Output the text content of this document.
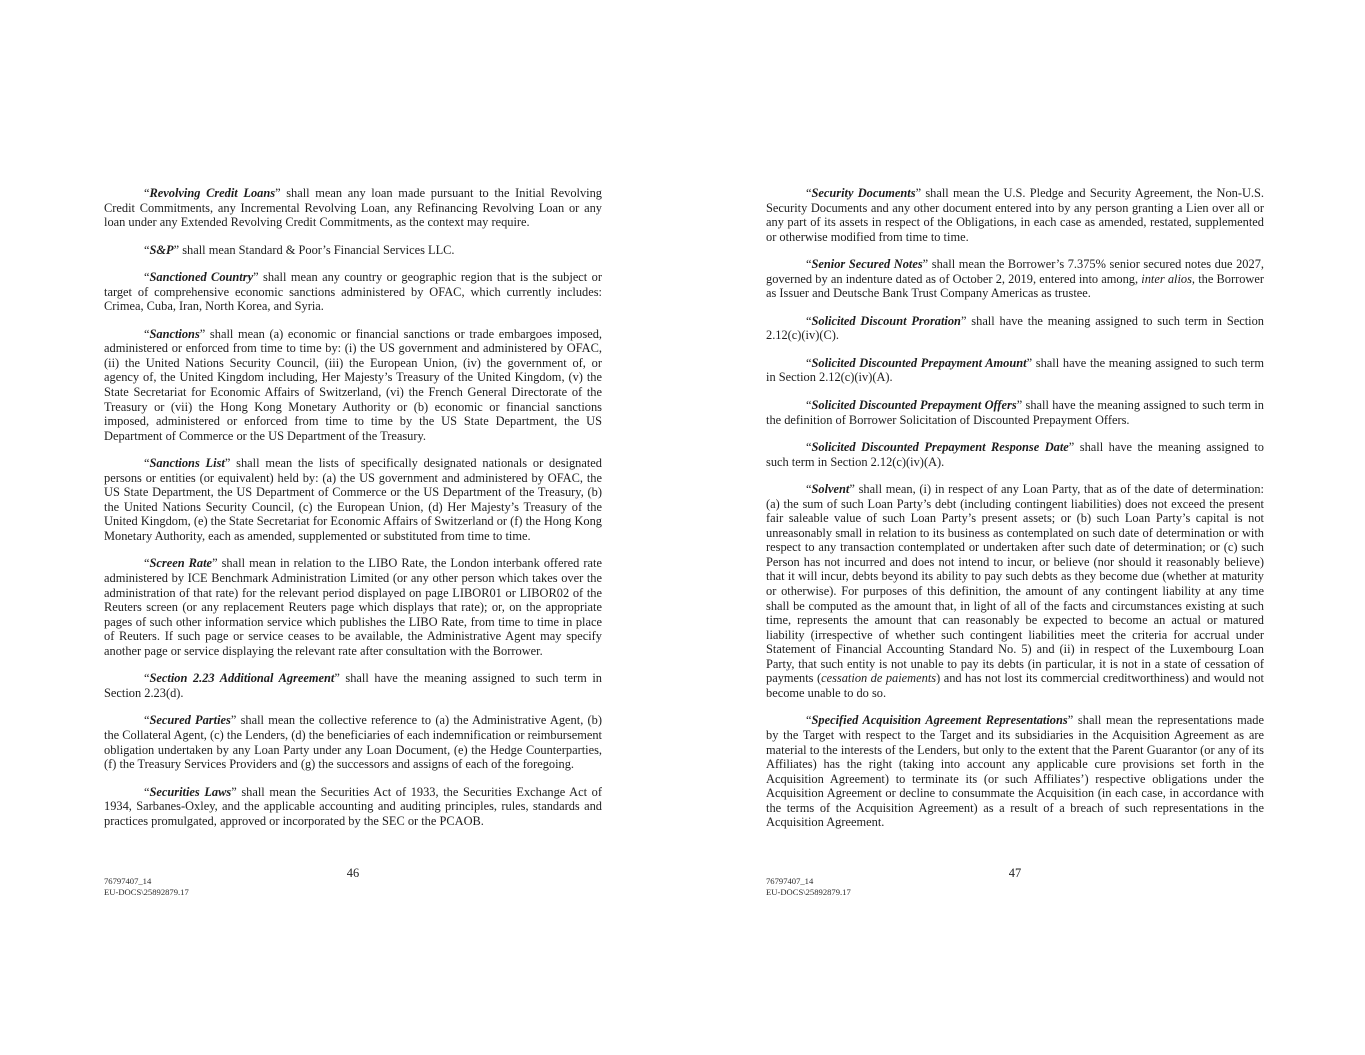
“Revolving Credit Loans” shall mean any loan made pursuant to the Initial Revolving Credit Commitments, any Incremental Revolving Loan, any Refinancing Revolving Loan or any loan under any Extended Revolving Credit Commitments, as the context may require.

“S&P” shall mean Standard & Poor’s Financial Services LLC.

“Sanctioned Country” shall mean any country or geographic region that is the subject or target of comprehensive economic sanctions administered by OFAC, which currently includes: Crimea, Cuba, Iran, North Korea, and Syria.

“Sanctions” shall mean (a) economic or financial sanctions or trade embargoes imposed, administered or enforced from time to time by: (i) the US government and administered by OFAC, (ii) the United Nations Security Council, (iii) the European Union, (iv) the government of, or agency of, the United Kingdom including, Her Majesty’s Treasury of the United Kingdom, (v) the State Secretariat for Economic Affairs of Switzerland, (vi) the French General Directorate of the Treasury or (vii) the Hong Kong Monetary Authority or (b) economic or financial sanctions imposed, administered or enforced from time to time by the US State Department, the US Department of Commerce or the US Department of the Treasury.

“Sanctions List” shall mean the lists of specifically designated nationals or designated persons or entities (or equivalent) held by: (a) the US government and administered by OFAC, the US State Department, the US Department of Commerce or the US Department of the Treasury, (b) the United Nations Security Council, (c) the European Union, (d) Her Majesty’s Treasury of the United Kingdom, (e) the State Secretariat for Economic Affairs of Switzerland or (f) the Hong Kong Monetary Authority, each as amended, supplemented or substituted from time to time.

“Screen Rate” shall mean in relation to the LIBO Rate, the London interbank offered rate administered by ICE Benchmark Administration Limited (or any other person which takes over the administration of that rate) for the relevant period displayed on page LIBOR01 or LIBOR02 of the Reuters screen (or any replacement Reuters page which displays that rate); or, on the appropriate pages of such other information service which publishes the LIBO Rate, from time to time in place of Reuters. If such page or service ceases to be available, the Administrative Agent may specify another page or service displaying the relevant rate after consultation with the Borrower.

“Section 2.23 Additional Agreement” shall have the meaning assigned to such term in Section 2.23(d).

“Secured Parties” shall mean the collective reference to (a) the Administrative Agent, (b) the Collateral Agent, (c) the Lenders, (d) the beneficiaries of each indemnification or reimbursement obligation undertaken by any Loan Party under any Loan Document, (e) the Hedge Counterparties, (f) the Treasury Services Providers and (g) the successors and assigns of each of the foregoing.

“Securities Laws” shall mean the Securities Act of 1933, the Securities Exchange Act of 1934, Sarbanes-Oxley, and the applicable accounting and auditing principles, rules, standards and practices promulgated, approved or incorporated by the SEC or the PCAOB.

46
76797407_14
EU-DOCS\25892879.17

“Security Documents” shall mean the U.S. Pledge and Security Agreement, the Non-U.S. Security Documents and any other document entered into by any person granting a Lien over all or any part of its assets in respect of the Obligations, in each case as amended, restated, supplemented or otherwise modified from time to time.

“Senior Secured Notes” shall mean the Borrower’s 7.375% senior secured notes due 2027, governed by an indenture dated as of October 2, 2019, entered into among, inter alios, the Borrower as Issuer and Deutsche Bank Trust Company Americas as trustee.

“Solicited Discount Proration” shall have the meaning assigned to such term in Section 2.12(c)(iv)(C).

“Solicited Discounted Prepayment Amount” shall have the meaning assigned to such term in Section 2.12(c)(iv)(A).

“Solicited Discounted Prepayment Offers” shall have the meaning assigned to such term in the definition of Borrower Solicitation of Discounted Prepayment Offers.

“Solicited Discounted Prepayment Response Date” shall have the meaning assigned to such term in Section 2.12(c)(iv)(A).

“Solvent” shall mean, (i) in respect of any Loan Party, that as of the date of determination: (a) the sum of such Loan Party’s debt (including contingent liabilities) does not exceed the present fair saleable value of such Loan Party’s present assets; or (b) such Loan Party’s capital is not unreasonably small in relation to its business as contemplated on such date of determination or with respect to any transaction contemplated or undertaken after such date of determination; or (c) such Person has not incurred and does not intend to incur, or believe (nor should it reasonably believe) that it will incur, debts beyond its ability to pay such debts as they become due (whether at maturity or otherwise). For purposes of this definition, the amount of any contingent liability at any time shall be computed as the amount that, in light of all of the facts and circumstances existing at such time, represents the amount that can reasonably be expected to become an actual or matured liability (irrespective of whether such contingent liabilities meet the criteria for accrual under Statement of Financial Accounting Standard No. 5) and (ii) in respect of the Luxembourg Loan Party, that such entity is not unable to pay its debts (in particular, it is not in a state of cessation of payments (cessation de paiements) and has not lost its commercial creditworthiness) and would not become unable to do so.

“Specified Acquisition Agreement Representations” shall mean the representations made by the Target with respect to the Target and its subsidiaries in the Acquisition Agreement as are material to the interests of the Lenders, but only to the extent that the Parent Guarantor (or any of its Affiliates) has the right (taking into account any applicable cure provisions set forth in the Acquisition Agreement) to terminate its (or such Affiliates’) respective obligations under the Acquisition Agreement or decline to consummate the Acquisition (in each case, in accordance with the terms of the Acquisition Agreement) as a result of a breach of such representations in the Acquisition Agreement.

47
76797407_14
EU-DOCS\25892879.17
